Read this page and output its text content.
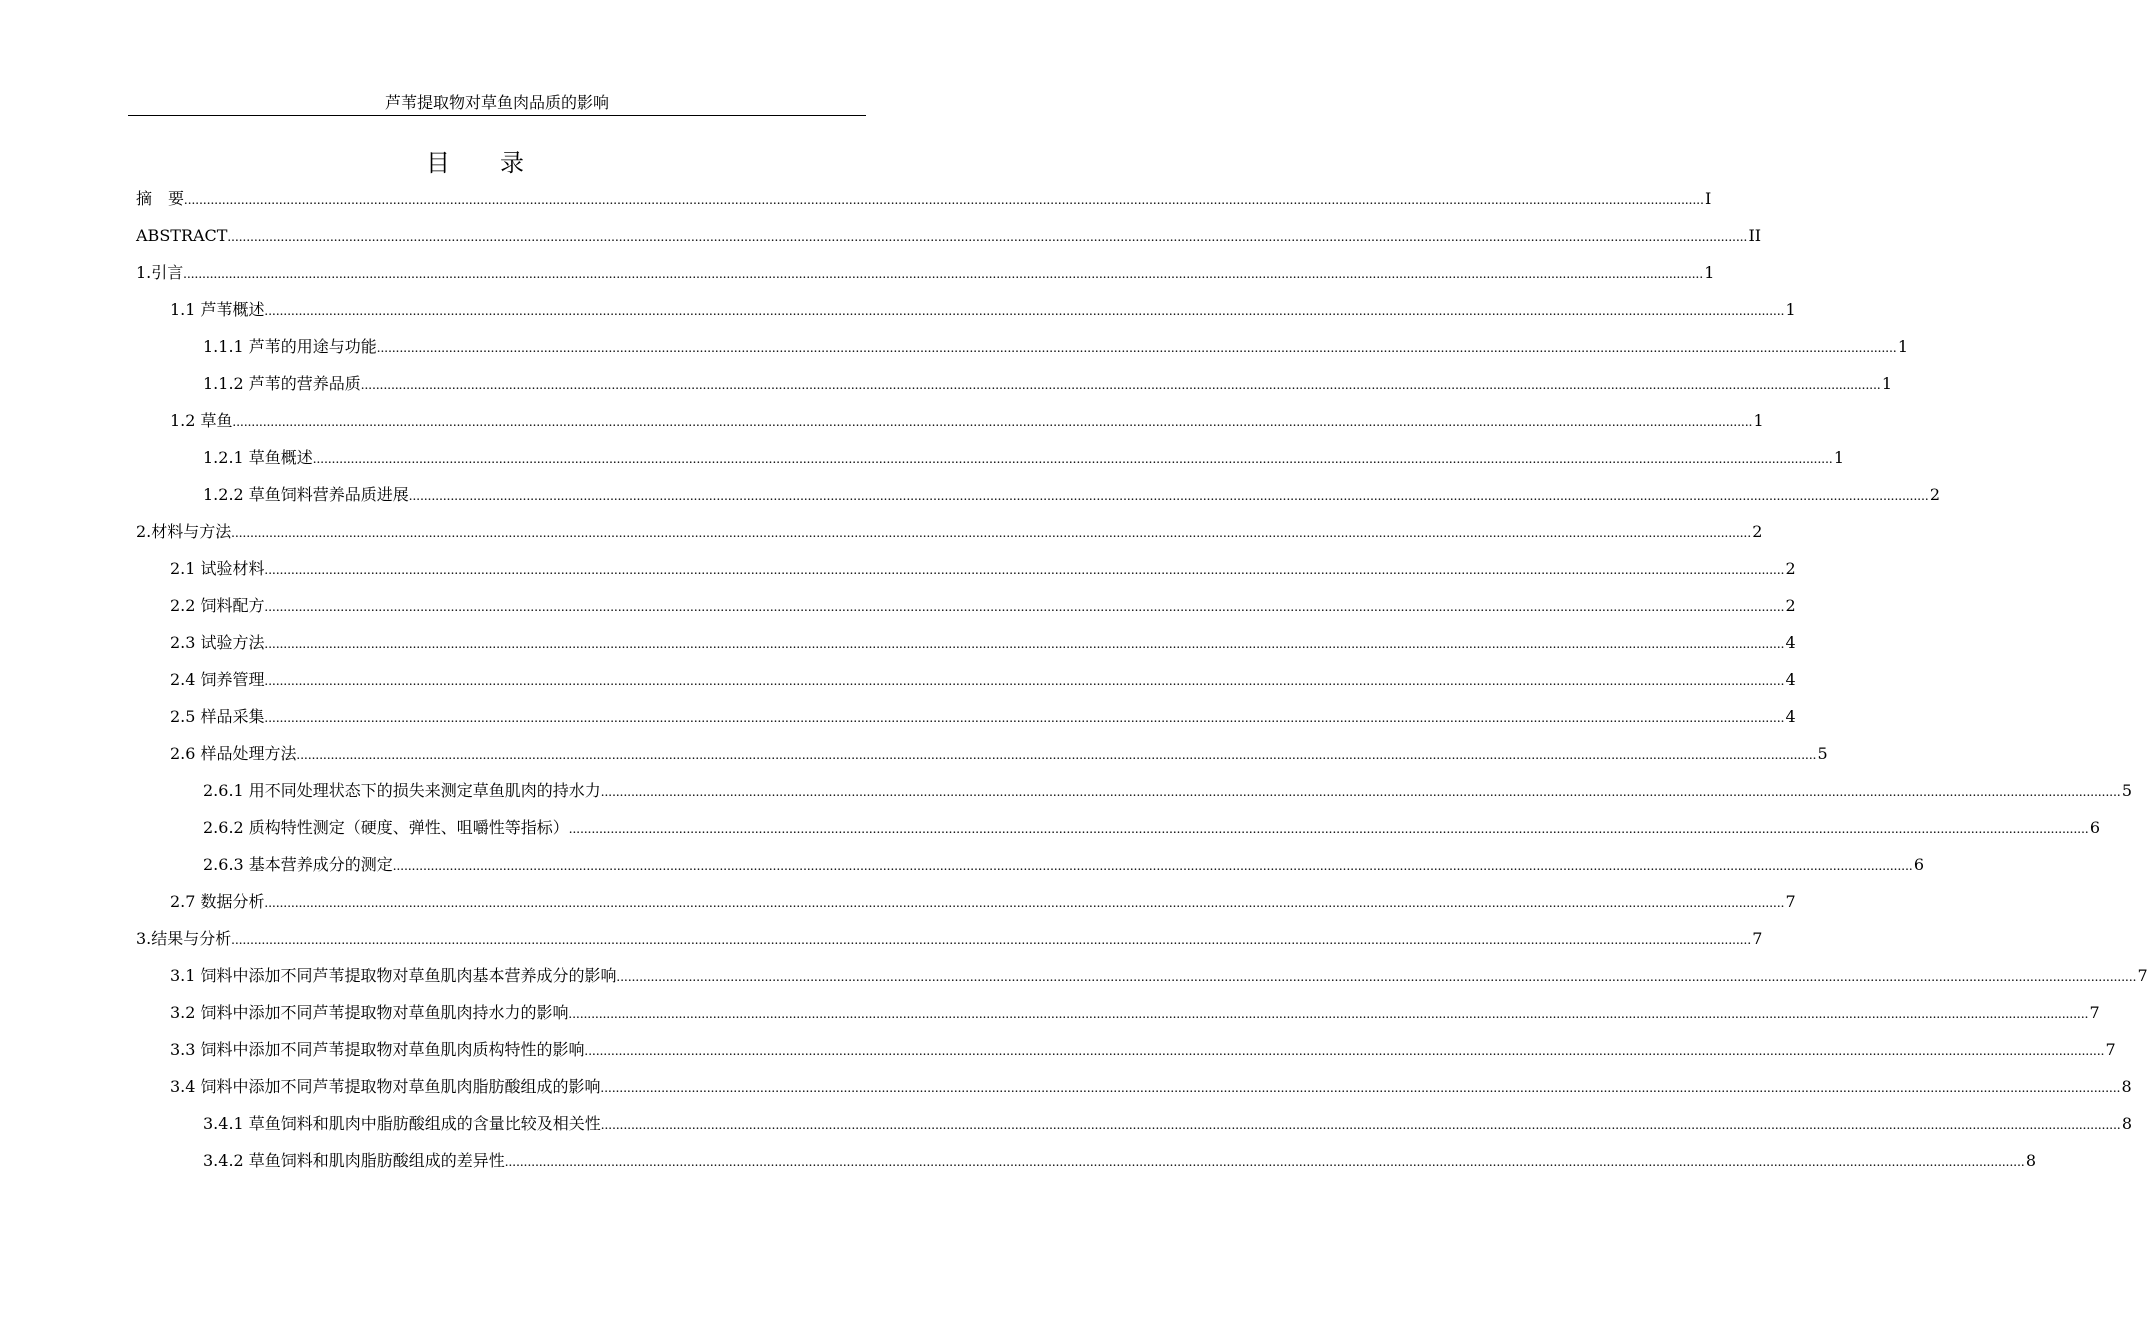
芦苇提取物对草鱼肉品质的影响
目 录
摘　要 ................................................................................................................................................................................................................................................................................................................................................................................................................ I
ABSTRACT ................................................................................................................................................................................................................................................................................................................................................................................................................ II
1.引言 ................................................................................................................................................................................................................................................................................................................................................................................................................ 1
1.1 芦苇概述 ................................................................................................................................................................................................................................................................................................................................................................................................................ 1
1.1.1 芦苇的用途与功能 ................................................................................................................................................................................................................................................................................................................................................................................................................ 1
1.1.2 芦苇的营养品质 ................................................................................................................................................................................................................................................................................................................................................................................................................ 1
1.2 草鱼 ................................................................................................................................................................................................................................................................................................................................................................................................................ 1
1.2.1 草鱼概述 ................................................................................................................................................................................................................................................................................................................................................................................................................ 1
1.2.2 草鱼饲料营养品质进展 ................................................................................................................................................................................................................................................................................................................................................................................................................ 2
2.材料与方法 ................................................................................................................................................................................................................................................................................................................................................................................................................ 2
2.1 试验材料 ................................................................................................................................................................................................................................................................................................................................................................................................................ 2
2.2 饲料配方 ................................................................................................................................................................................................................................................................................................................................................................................................................ 2
2.3 试验方法 ................................................................................................................................................................................................................................................................................................................................................................................................................ 4
2.4 饲养管理 ................................................................................................................................................................................................................................................................................................................................................................................................................ 4
2.5 样品采集 ................................................................................................................................................................................................................................................................................................................................................................................................................ 4
2.6 样品处理方法 ................................................................................................................................................................................................................................................................................................................................................................................................................ 5
2.6.1 用不同处理状态下的损失来测定草鱼肌肉的持水力 ................................................................................................................................................................................................................................................................................................................................................................................................................ 5
2.6.2 质构特性测定（硬度、弹性、咀嚼性等指标） ................................................................................................................................................................................................................................................................................................................................................................................................................ 6
2.6.3 基本营养成分的测定 ................................................................................................................................................................................................................................................................................................................................................................................................................ 6
2.7 数据分析 ................................................................................................................................................................................................................................................................................................................................................................................................................ 7
3.结果与分析 ................................................................................................................................................................................................................................................................................................................................................................................................................ 7
3.1 饲料中添加不同芦苇提取物对草鱼肌肉基本营养成分的影响 ................................................................................................................................................................................................................................................................................................................................................................................................................ 7
3.2 饲料中添加不同芦苇提取物对草鱼肌肉持水力的影响 ................................................................................................................................................................................................................................................................................................................................................................................................................ 7
3.3 饲料中添加不同芦苇提取物对草鱼肌肉质构特性的影响 ................................................................................................................................................................................................................................................................................................................................................................................................................ 7
3.4 饲料中添加不同芦苇提取物对草鱼肌肉脂肪酸组成的影响 ................................................................................................................................................................................................................................................................................................................................................................................................................ 8
3.4.1 草鱼饲料和肌肉中脂肪酸组成的含量比较及相关性 ................................................................................................................................................................................................................................................................................................................................................................................................................ 8
3.4.2 草鱼饲料和肌肉脂肪酸组成的差异性 ................................................................................................................................................................................................................................................................................................................................................................................................................ 8
